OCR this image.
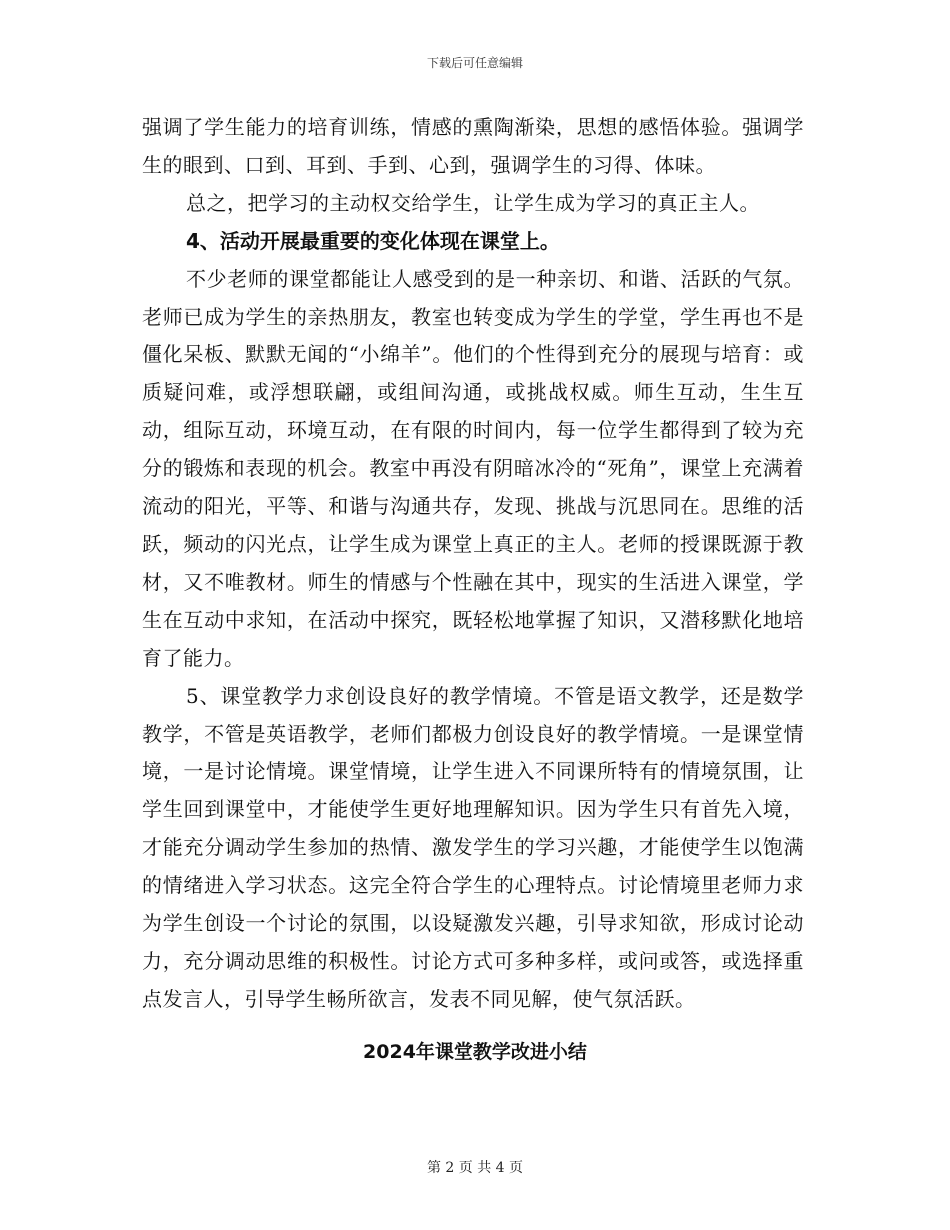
下载后可任意编辑

强调了学生能力的培育训练，情感的熏陶渐染，思想的感悟体验。强调学生的眼到、口到、耳到、手到、心到，强调学生的习得、体味。

总之，把学习的主动权交给学生，让学生成为学习的真正主人。

4、活动开展最重要的变化体现在课堂上。

不少老师的课堂都能让人感受到的是一种亲切、和谐、活跃的气氛。老师已成为学生的亲热朋友，教室也转变成为学生的学堂，学生再也不是僵化呆板、默默无闻的“小绵羊”。他们的个性得到充分的展现与培育：或质疑问难，或浮想联翩，或组间沟通，或挑战权威。师生互动，生生互动，组际互动，环境互动，在有限的时间内，每一位学生都得到了较为充分的锻炼和表现的机会。教室中再没有阴暗冰冷的“死角”，课堂上充满着流动的阳光，平等、和谐与沟通共存，发现、挑战与沉思同在。思维的活跃，频动的闪光点，让学生成为课堂上真正的主人。老师的授课既源于教材，又不唯教材。师生的情感与个性融在其中，现实的生活进入课堂，学生在互动中求知，在活动中探究，既轻松地掌握了知识，又潜移默化地培育了能力。

5、课堂教学力求创设良好的教学情境。不管是语文教学，还是数学教学，不管是英语教学，老师们都极力创设良好的教学情境。一是课堂情境，一是讨论情境。课堂情境，让学生进入不同课所特有的情境氛围，让学生回到课堂中，才能使学生更好地理解知识。因为学生只有首先入境，才能充分调动学生参加的热情、激发学生的学习兴趣，才能使学生以饱满的情绪进入学习状态。这完全符合学生的心理特点。讨论情境里老师力求为学生创设一个讨论的氛围，以设疑激发兴趣，引导求知欲，形成讨论动力，充分调动思维的积极性。讨论方式可多种多样，或问或答，或选择重点发言人，引导学生畅所欲言，发表不同见解，使气氛活跃。

2024年课堂教学改进小结
第 2 页 共 4 页
